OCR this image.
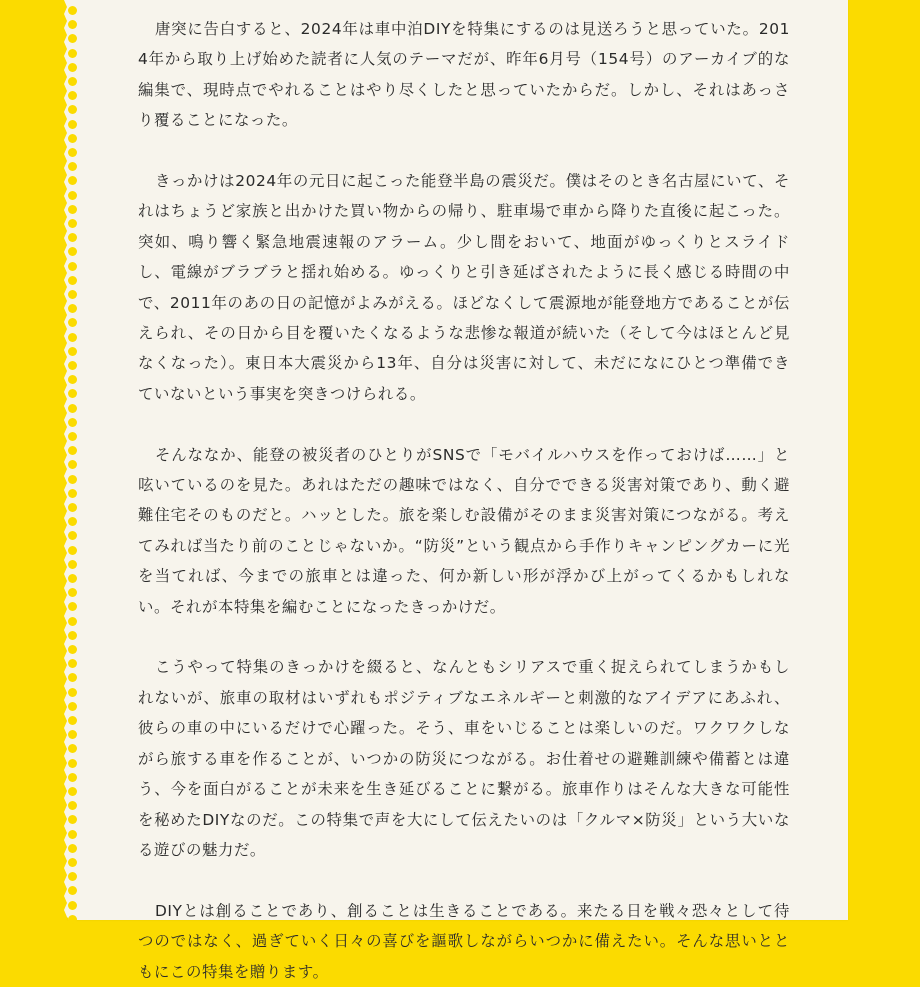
唐突に告白すると、2024年は車中泊DIYを特集にするのは見送ろうと思っていた。2014年から取り上げ始めた読者に人気のテーマだが、昨年6月号（154号）のアーカイブ的な編集で、現時点でやれることはやり尽くしたと思っていたからだ。しかし、それはあっさり覆ることになった。

きっかけは2024年の元日に起こった能登半島の震災だ。僕はそのとき名古屋にいて、それはちょうど家族と出かけた買い物からの帰り、駐車場で車から降りた直後に起こった。突如、鳴り響く緊急地震速報のアラーム。少し間をおいて、地面がゆっくりとスライドし、電線がブラブラと揺れ始める。ゆっくりと引き延ばされたように長く感じる時間の中で、2011年のあの日の記憶がよみがえる。ほどなくして震源地が能登地方であることが伝えられ、その日から目を覆いたくなるような悲惨な報道が続いた（そして今はほとんど見なくなった）。東日本大震災から13年、自分は災害に対して、未だになにひとつ準備できていないという事実を突きつけられる。

そんななか、能登の被災者のひとりがSNSで「モバイルハウスを作っておけば……」と呟いているのを見た。あれはただの趣味ではなく、自分でできる災害対策であり、動く避難住宅そのものだと。ハッとした。旅を楽しむ設備がそのまま災害対策につながる。考えてみれば当たり前のことじゃないか。“防災”という観点から手作りキャンピングカーに光を当てれば、今までの旅車とは違った、何か新しい形が浮かび上がってくるかもしれない。それが本特集を編むことになったきっかけだ。

こうやって特集のきっかけを綴ると、なんともシリアスで重く捉えられてしまうかもしれないが、旅車の取材はいずれもポジティブなエネルギーと刺激的なアイデアにあふれ、彼らの車の中にいるだけで心躍った。そう、車をいじることは楽しいのだ。ワクワクしながら旅する車を作ることが、いつかの防災につながる。お仕着せの避難訓練や備蓄とは違う、今を面白がることが未来を生き延びることに繋がる。旅車作りはそんな大きな可能性を秘めたDIYなのだ。この特集で声を大にして伝えたいのは「クルマ×防災」という大いなる遊びの魅力だ。

DIYとは創ることであり、創ることは生きることである。来たる日を戦々恐々として待つのではなく、過ぎていく日々の喜びを謳歌しながらいつかに備えたい。そんな思いとともにこの特集を贈ります。
